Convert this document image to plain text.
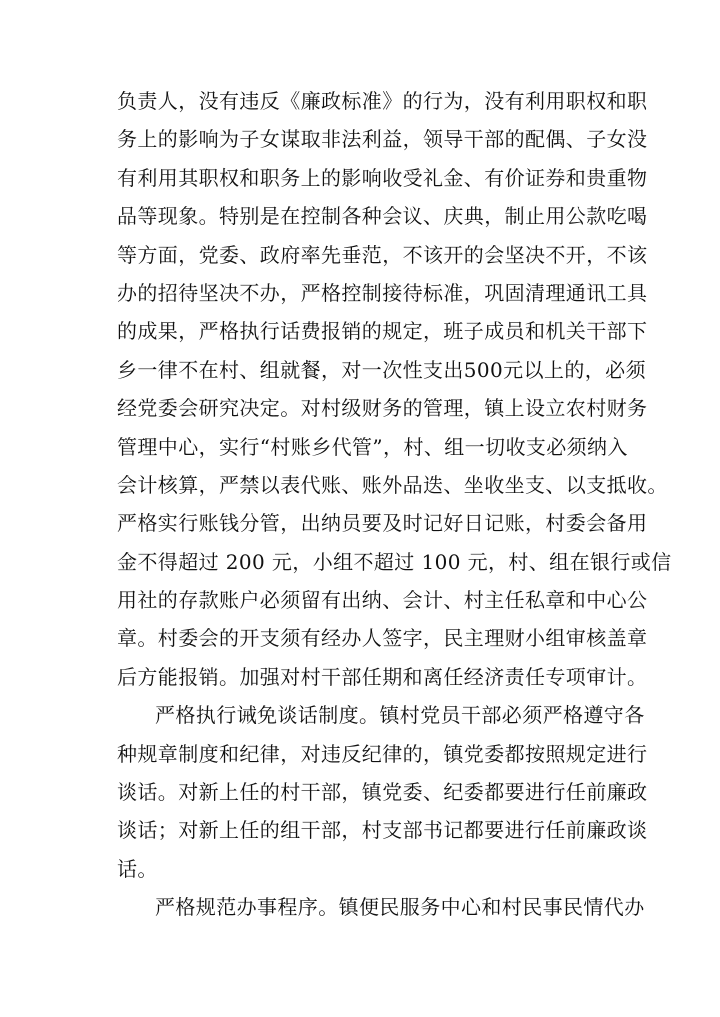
负责人，没有违反《廉政标准》的行为，没有利用职权和职
务上的影响为子女谋取非法利益，领导干部的配偶、子女没
有利用其职权和职务上的影响收受礼金、有价证券和贵重物
品等现象。特别是在控制各种会议、庆典，制止用公款吃喝
等方面，党委、政府率先垂范，不该开的会坚决不开，不该
办的招待坚决不办，严格控制接待标准，巩固清理通讯工具
的成果，严格执行话费报销的规定，班子成员和机关干部下
乡一律不在村、组就餐，对一次性支出500元以上的，必须
经党委会研究决定。对村级财务的管理，镇上设立农村财务
管理中心，实行“村账乡代管”，村、组一切收支必须纳入
会计核算，严禁以表代账、账外品迭、坐收坐支、以支抵收。
严格实行账钱分管，出纳员要及时记好日记账，村委会备用
金不得超过 200 元，小组不超过 100 元，村、组在银行或信
用社的存款账户必须留有出纳、会计、村主任私章和中心公
章。村委会的开支须有经办人签字，民主理财小组审核盖章
后方能报销。加强对村干部任期和离任经济责任专项审计。
严格执行诫免谈话制度。镇村党员干部必须严格遵守各
种规章制度和纪律，对违反纪律的，镇党委都按照规定进行
谈话。对新上任的村干部，镇党委、纪委都要进行任前廉政
谈话；对新上任的组干部，村支部书记都要进行任前廉政谈
话。
严格规范办事程序。镇便民服务中心和村民事民情代办
